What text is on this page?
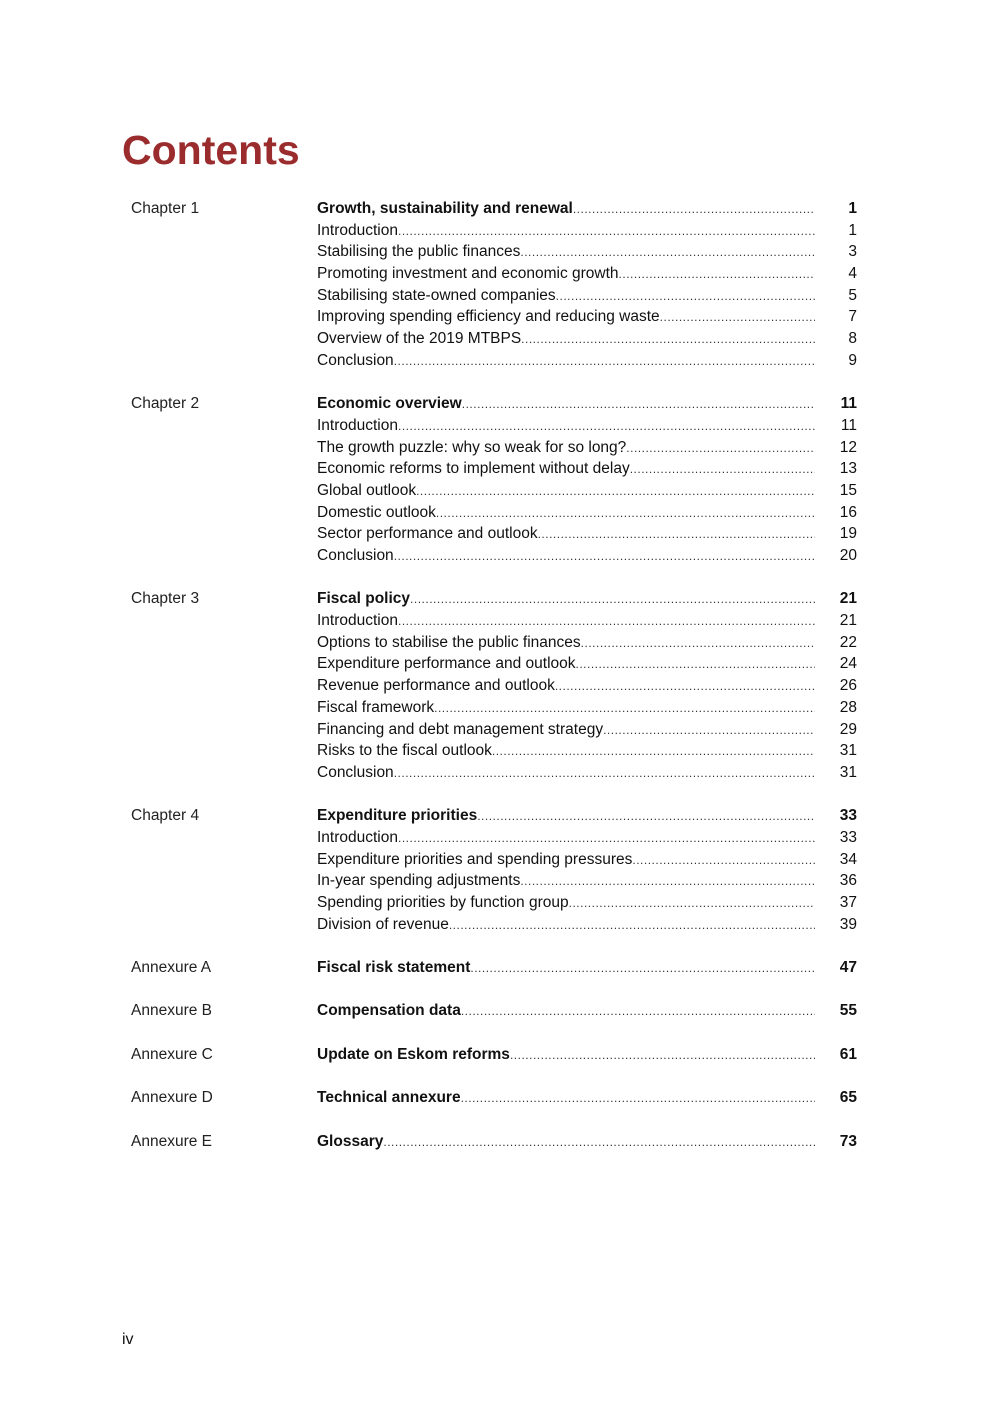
Contents
Chapter 1	Growth, sustainability and renewal .....	1
Introduction .....	1
Stabilising the public finances .....	3
Promoting investment and economic growth .....	4
Stabilising state-owned companies .....	5
Improving spending efficiency and reducing waste .....	7
Overview of the 2019 MTBPS .....	8
Conclusion .....	9
Chapter 2	Economic overview .....	11
Introduction .....	11
The growth puzzle: why so weak for so long? .....	12
Economic reforms to implement without delay .....	13
Global outlook .....	15
Domestic outlook .....	16
Sector performance and outlook .....	19
Conclusion .....	20
Chapter 3	Fiscal policy .....	21
Introduction .....	21
Options to stabilise the public finances .....	22
Expenditure performance and outlook .....	24
Revenue performance and outlook .....	26
Fiscal framework .....	28
Financing and debt management strategy .....	29
Risks to the fiscal outlook .....	31
Conclusion .....	31
Chapter 4	Expenditure priorities .....	33
Introduction .....	33
Expenditure priorities and spending pressures .....	34
In-year spending adjustments .....	36
Spending priorities by function group .....	37
Division of revenue .....	39
Annexure A	Fiscal risk statement .....	47
Annexure B	Compensation data .....	55
Annexure C	Update on Eskom reforms .....	61
Annexure D	Technical annexure .....	65
Annexure E	Glossary .....	73
iv
